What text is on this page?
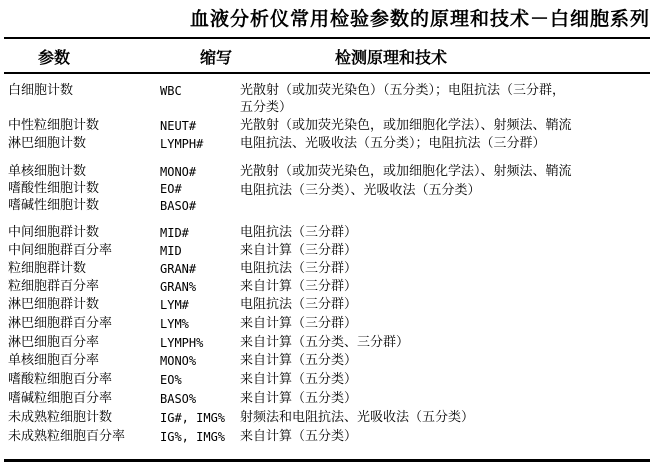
血液分析仪常用检验参数的原理和技术－白细胞系列
参数	缩写	检测原理和技术
白细胞计数	WBC	光散射（或加荧光染色）（五分类）；电阻抗法（三分群，
五分类）
中性粒细胞计数	NEUT#	光散射（或加荧光染色，或加细胞化学法）、射频法、鞘流
淋巴细胞计数	LYMPH#	电阻抗法、光吸收法（五分类）；电阻抗法（三分群）
单核细胞计数	MONO#	光散射（或加荧光染色，或加细胞化学法）、射频法、鞘流
嗜酸性细胞计数	EO#	电阻抗法（三分类）、光吸收法（五分类）
嗜碱性细胞计数	BASO#
中间细胞群计数	MID#	电阻抗法（三分群）
中间细胞群百分率	MID	来自计算（三分群）
粒细胞群计数	GRAN#	电阻抗法（三分群）
粒细胞群百分率	GRAN%	来自计算（三分群）
淋巴细胞群计数	LYM#	电阻抗法（三分群）
淋巴细胞群百分率	LYM%	来自计算（三分群）
淋巴细胞百分率	LYMPH%	来自计算（五分类、三分群）
单核细胞百分率	MONO%	来自计算（五分类）
嗜酸粒细胞百分率	EO%	来自计算（五分类）
嗜碱粒细胞百分率	BASO%	来自计算（五分类）
未成熟粒细胞计数	IG#, IMG% 射频法和电阻抗法、光吸收法（五分类）
未成熟粒细胞百分率	IG%, IMG% 来自计算（五分类）
